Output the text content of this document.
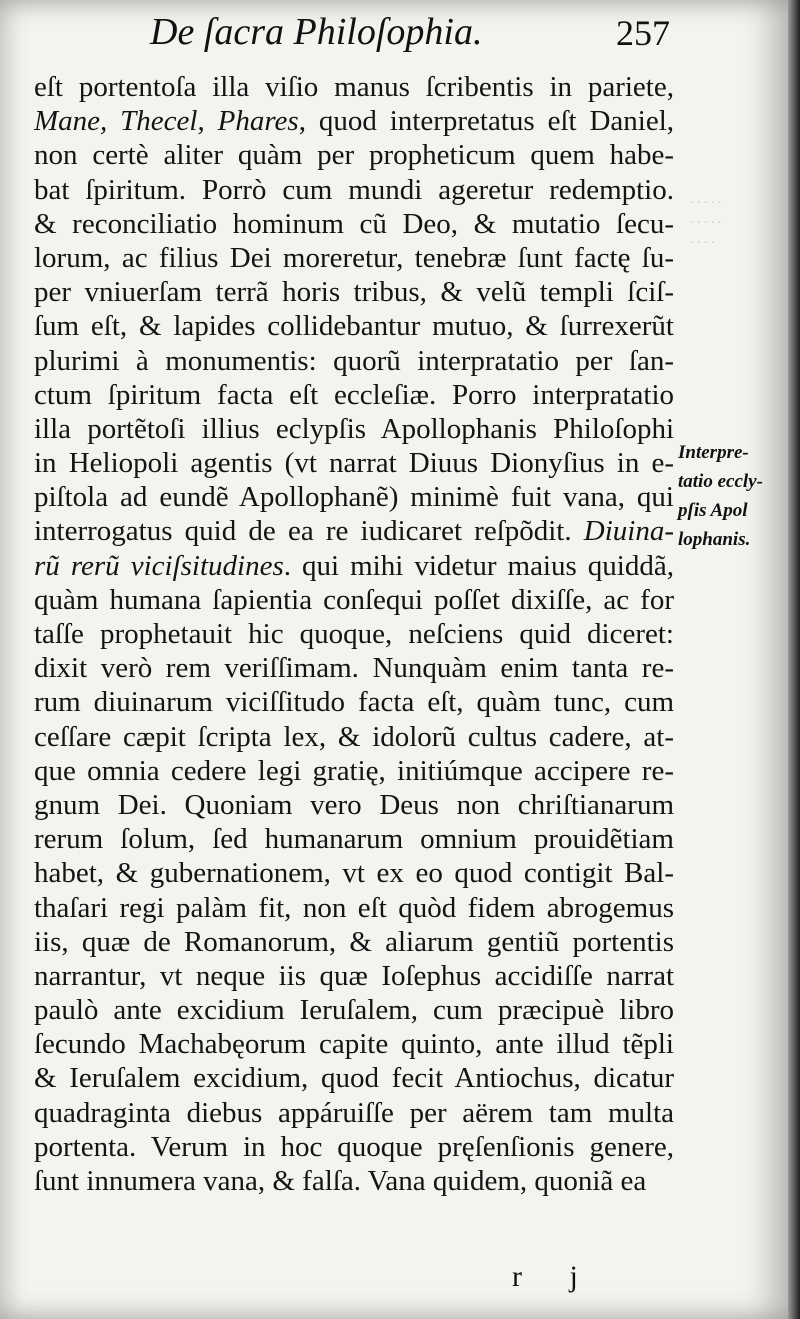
De ſacra Philoſophia.	257
eſt portentoſa illa viſio manus ſcribentis in pariete,
Mane, Thecel, Phares, quod interpretatus eſt Daniel,
non certè aliter quàm per propheticum quem habe-
bat ſpiritum. Porrò cum mundi ageretur redemptio.
& reconciliatio hominum cũ Deo, & mutatio ſecu-
lorum, ac filius Dei moreretur, tenebræ ſunt factę ſu-
per vniuerſam terrã horis tribus, & velũ templi ſciſ-
ſum eſt, & lapides collidebantur mutuo, & ſurrexerũt
plurimi à monumentis: quorũ interpratatio per ſan-
ctum ſpiritum facta eſt eccleſiæ. Porro interpratatio
illa portẽtoſi illius eclypſis Apollophanis Philoſophi
in Heliopoli agentis (vt narrat Diuus Dionyſius in e-
piſtola ad eundẽ Apollophanẽ) minimè fuit vana, qui
interrogatus quid de ea re iudicaret reſpõdit. Diuina-
rũ rerũ viciſsitudines. qui mihi videtur maius quiddã,
quàm humana ſapientia conſequi poſſet dixiſſe, ac for
taſſe prophetauit hic quoque, neſciens quid diceret:
dixit verò rem veriſſimam. Nunquàm enim tanta re-
rum diuinarum viciſſitudo facta eſt, quàm tunc, cum
ceſſare cæpit ſcripta lex, & idolorũ cultus cadere, at-
que omnia cedere legi gratię, initiúmque accipere re-
gnum Dei. Quoniam vero Deus non chriſtianarum
rerum ſolum, ſed humanarum omnium prouidẽtiam
habet, & gubernationem, vt ex eo quod contigit Bal-
thaſari regi palàm fit, non eſt quòd fidem abrogemus
iis, quæ de Romanorum, & aliarum gentiũ portentis
narrantur, vt neque iis quæ Ioſephus accidiſſe narrat
paulò ante excidium Ieruſalem, cum præcipuè libro
ſecundo Machabęorum capite quinto, ante illud tẽpli
& Ieruſalem excidium, quod fecit Antiochus, dicatur
quadraginta diebus appáruiſſe per aërem tam multa
portenta. Verum in hoc quoque pręſenſionis genere,
ſunt innumera vana, & falſa. Vana quidem, quoniã ea
. . . . .
. . . . .
. . . .
Interpre-
tatio eccly-
pſis Apol
lophanis.
r j
